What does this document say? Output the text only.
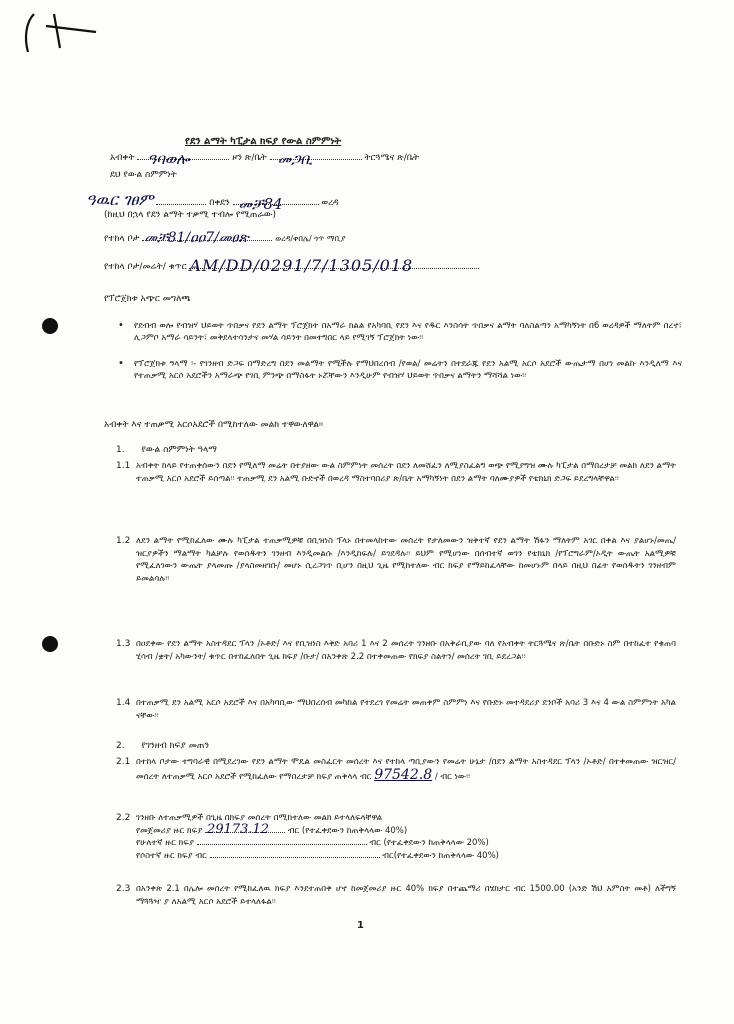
የደን ልማት ካፒታል ክፍያ የውል ስምምነት
አብቀት ዓባወሎ	ዞን ጽ/ቤት መጋቢ	ትርጓሜና ጽ/ቤት
ደህ የውል ስምምነት
ዓዉር ገፀም	በቀደን መቻ84	ወረዳ
(ከዚህ በኋላ የደን ልማት ተቃሚ ተብሎ የሚጠራው)
የተከላ ቦታ መቻ81/ዐዐ7/መፀጽ	ወረዳ/ቀበሌ/ ጎጥ ማቢያ
የተከላ ቦታ/መሬት/ ቁጥር AM/DD/0291/7/1305/018
የፕሮጀክቱ አጭር መግለጫ
• የደብብ ወሎ የብዝሃ ህይወት ጥበቃና የደን ልማት ፕሮጀክት በአማራ ክልል የአካባቢ የደን እና የዱር እንስሳት ጥበቃና ልማት ባለስልጣን አማካኝነት በ6 ወረዳዎች ማለትም በረኖ፣ ሊጋምቦ አማራ ሳይንት፣ መቅደላተሳንታና መሃል ሳይንት በመተግበር ላይ የሚገኝ ፕሮጀክት ነው፡፡
• የፕሮጀክቱ ዓላማ ፡- የገንዘብ ድጋፍ በማድረግ በደን መልማት የሚችሉ የማህበረሰብ /የወል/ መሬትን በተደራጁ የደን አልሚ አርሶ አደሮች ውጤታማ በሆነ መልኩ እንዲለማ እና የተጠቃሚ አርሶ አደሮችን አማራጭ የገቢ ምንጭ በማስፋት ኑሯቸውን እንዲሁም የብዝሃ ህይወት ጥበቃና ልማትን ማሻሻል ነው፡፡
አብቀት እና ተጠቃሚ አርሶአደሮች በሚከተለው መልክ ተዋውለዋል፡፡
1. የውል ስምምነት ዓላማ
1.1 አብቀት ከላይ የተጠቀሰውን በደን የሚለማ መሬት በተያዘው ውል ስምምነት መሰረት በደን ለመሸፈን ለሚያስፈልግ ወጭ የሚያግዝ ሙሉ ካፒታል በማበረታቻ መልክ ለደን ልማት ተጠቃሚ አርሶ አደሮች ይሰጣል፡፡ ተጠቃሚ ደን አልሚ ቡድኖች በወረዳ ማስተባበሪያ ጽ/ቤት አማካኝነት በደን ልማት ባለሙያዎች የቴክኒክ ድጋፍ ይደረግላቸዋል፡፡
1.2 ለደን ልማት የሚከፈለው ሙሉ ካፒታል ተጠቃሚዎቹ በቢዝነስ ፕላኑ በተመላከተው መሰረት የታለመውን ዝቅተኛ የደን ልማት ሽፋን ማለትም አገር በቀል እና ያልሆኑ/መጤ/ ዝርያዎችን ማልማት ካልቻሉ የወሰዱትን ገንዘብ እንዲመልሱ /እንዲከፍሉ/ ይገደዳሉ፡፡ ይህም የሚሆነው በሰብተኛ ወገን የቴክኒክ /የፕሮግራም/ኦዲት ውጤት አልሚዎቹ የሚፈለገውን ውጤት ያላመጡ /ያላስመዘገቡ/ መሆኑ ሲረጋገጥ ቢሆን በዚህ ጊዜ የሚከተለው ብር ክፍያ የማይከፈላቸው ከመሆኑም በላይ በዚህ በፊት የወሰዱትን ገንዘብም ይመልሳሉ፡፡
1.3 በዐደቀው የደን ልማት አስተዳደር ፕላን /ኦቶድ/ እና የቢዝነስ እቅድ አባሪ 1 እና 2 መሰረት ገንዘቡ በአቅራቢያው ባለ የአብቀት ትርጓሜና ጽ/ቤት በቡድኑ ስም በተከፈተ የቁጠባ ሂሳብ /ቋት/ አካውንት/ ቁጥር በተከፈለበት ጊዜ ክፍያ /ቡታ/ በአንቀጽ 2.2 በተቀመጠው የክፍያ ስልትን/ መሰረት ገቢ ይደረጋል፡፡
1.4 በተጠቃሚ ደን አልሚ አርሶ አደሮች እና በአካባቢው ማህበረሰብ መካከል የተደረገ የመሬት መጠቀም ስምምነ እና የቡድኑ መተዳደሪያ ደንቦች አባሪ 3 እና 4 ውል ስምምነት አካል ናቸው፡፡
2. የገንዘብ ክፍያ መጠን
2.1 በተከላ ቦታው ተግባራዊ በሚደረገው የደን ልማት ሞዴል መስፈርት መሰረት እና የተከላ ጣቢያውን የመሬት ሁኔታ /በደን ልማት አስተዳደር ፕላን /ኦቶድ/ በተቀመጠው ዝርዝር/ መሰረት ለተጠቃሚ አርሶ አደሮች የሚከፈለው የማበረታቻ ክፍያ ጠቅላላ ብር 97542.8 / ብር ነው፡፡
2.2 ገንዘቡ ለተጠቃሚዎች በጊዜ በክፍያ መሰረት በሚከተለው መልክ ይተላለፍላቸዋል
የመጀመሪያ ዙር ክፍያ 29173.12 ብር (የተፈቀደውን ከጠቅላላው 40%)
የሁለተኛ ዙር ክፍያ	ብር (የተፈቀደውን ከጠቅላላው 20%)
የሶስተኛ ዙር ክፍያ ብር	ብር(የተፈቀደውን ከጠቅላላው 40%)
2.3 በአንቀጽ 2.1 በሌሎ መሰረት የሚከፈለዉ ክፍያ እንደተጠበቀ ሆኖ ከመጀመሪያ ዙር 40% ክፍያ በተጨማሪ በሄክታር ብር 1500.00 (አንድ ሽህ አምስት መቶ) ለችግኝ ማጓጓዣ ያ ለአልሚ አርሶ አደሮች ይተላለፋል፡፡
1
